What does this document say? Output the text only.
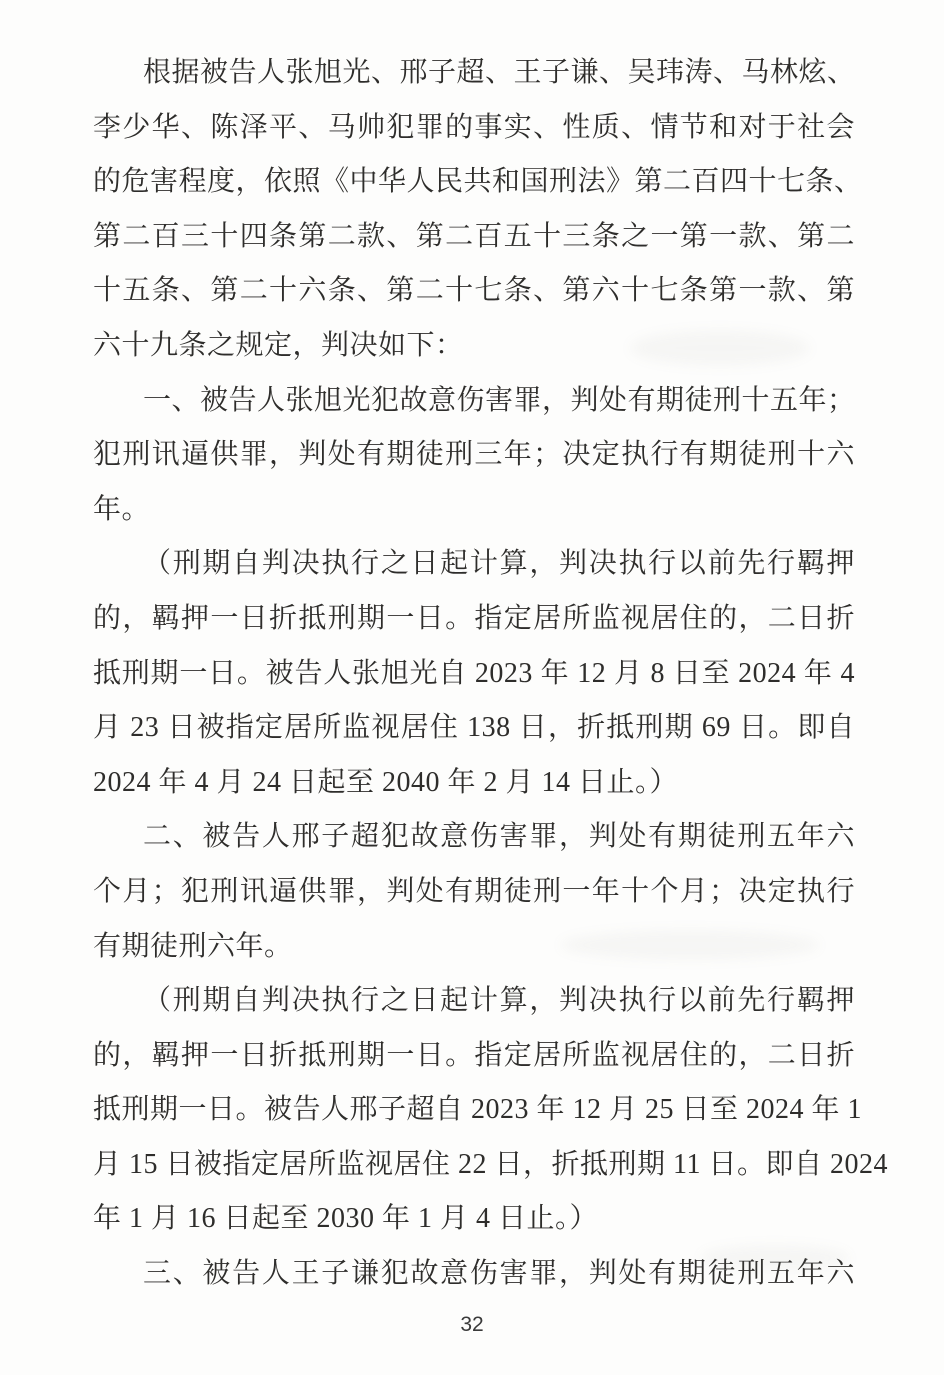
根据被告人张旭光、邢子超、王子谦、吴玮涛、马林炫、
李少华、陈泽平、马帅犯罪的事实、性质、情节和对于社会
的危害程度，依照《中华人民共和国刑法》第二百四十七条、
第二百三十四条第二款、第二百五十三条之一第一款、第二
十五条、第二十六条、第二十七条、第六十七条第一款、第
六十九条之规定，判决如下：
一、被告人张旭光犯故意伤害罪，判处有期徒刑十五年；
犯刑讯逼供罪，判处有期徒刑三年；决定执行有期徒刑十六
年。
（刑期自判决执行之日起计算，判决执行以前先行羁押
的，羁押一日折抵刑期一日。指定居所监视居住的，二日折
抵刑期一日。被告人张旭光自 2023 年 12 月 8 日至 2024 年 4
月 23 日被指定居所监视居住 138 日，折抵刑期 69 日。即自
2024 年 4 月 24 日起至 2040 年 2 月 14 日止。）
二、被告人邢子超犯故意伤害罪，判处有期徒刑五年六
个月；犯刑讯逼供罪，判处有期徒刑一年十个月；决定执行
有期徒刑六年。
（刑期自判决执行之日起计算，判决执行以前先行羁押
的，羁押一日折抵刑期一日。指定居所监视居住的，二日折
抵刑期一日。被告人邢子超自 2023 年 12 月 25 日至 2024 年 1
月 15 日被指定居所监视居住 22 日，折抵刑期 11 日。即自 2024
年 1 月 16 日起至 2030 年 1 月 4 日止。）
三、被告人王子谦犯故意伤害罪，判处有期徒刑五年六
32
